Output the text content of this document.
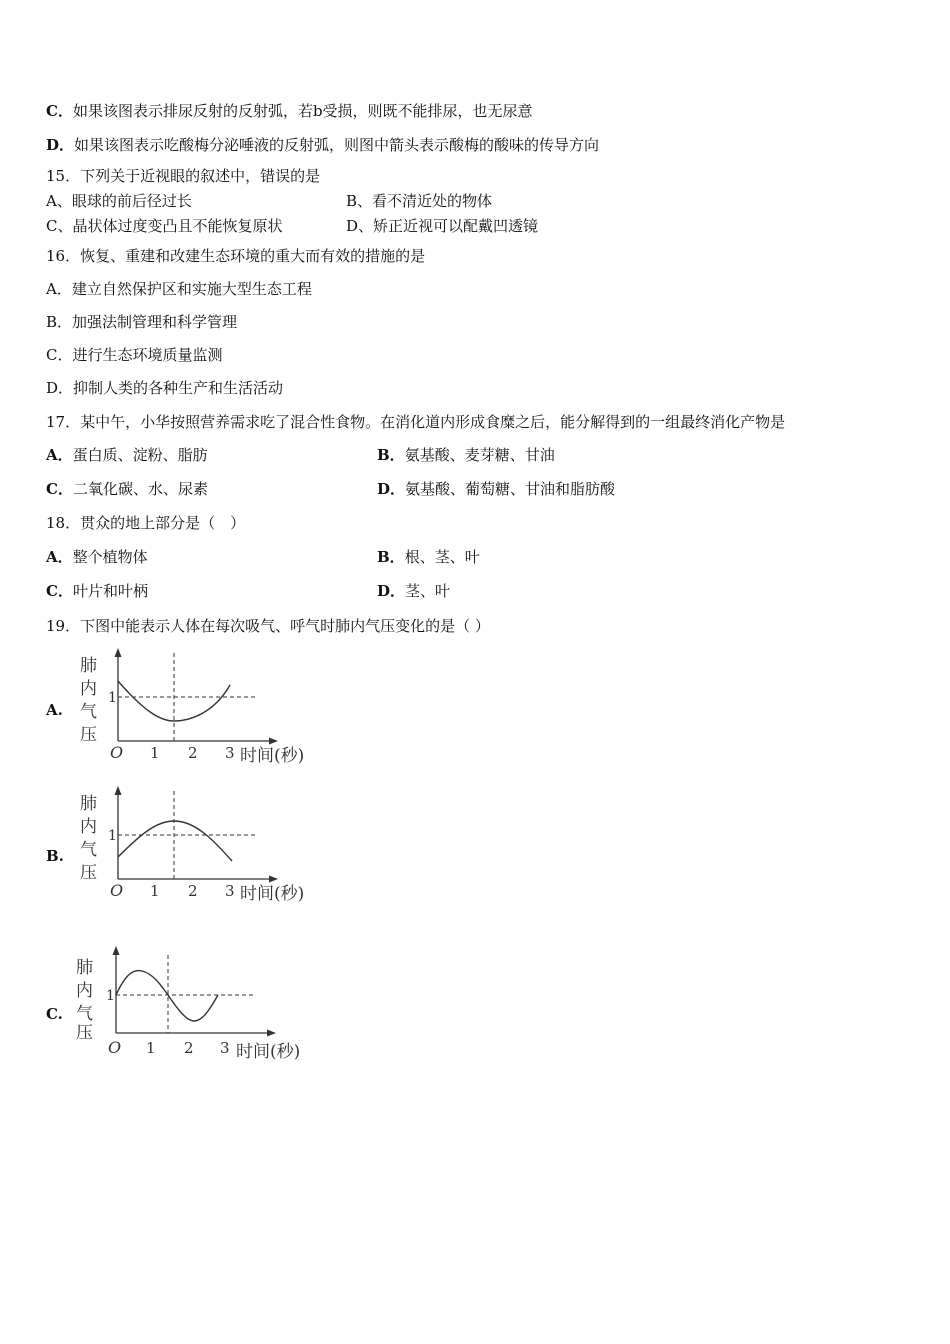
C．如果该图表示排尿反射的反射弧，若b受损，则既不能排尿，也无尿意
D．如果该图表示吃酸梅分泌唾液的反射弧，则图中箭头表示酸梅的酸味的传导方向
15．下列关于近视眼的叙述中，错误的是
A、眼球的前后径过长	B、看不清近处的物体
C、晶状体过度变凸且不能恢复原状	D、矫正近视可以配戴凹透镜
16．恢复、重建和改建生态环境的重大而有效的措施的是
A．建立自然保护区和实施大型生态工程
B．加强法制管理和科学管理
C．进行生态环境质量监测
D．抑制人类的各种生产和生活活动
17．某中午，小华按照营养需求吃了混合性食物。在消化道内形成食糜之后，能分解得到的一组最终消化产物是
A．蛋白质、淀粉、脂肪	B．氨基酸、麦芽糖、甘油
C．二氧化碳、水、尿素	D．氨基酸、葡萄糖、甘油和脂肪酸
18．贯众的地上部分是（　）
A．整个植物体	B．根、茎、叶
C．叶片和叶柄	D．茎、叶
19．下图中能表示人体在每次吸气、呼气时肺内气压变化的是（ ）
A.
肺
内
气
压
1
O 1 2 3 时间(秒)
B.
肺
内
气
压
1
O 1 2 3 时间(秒)
C.
肺
内
气
压
1
O 1 2 3 时间(秒)
